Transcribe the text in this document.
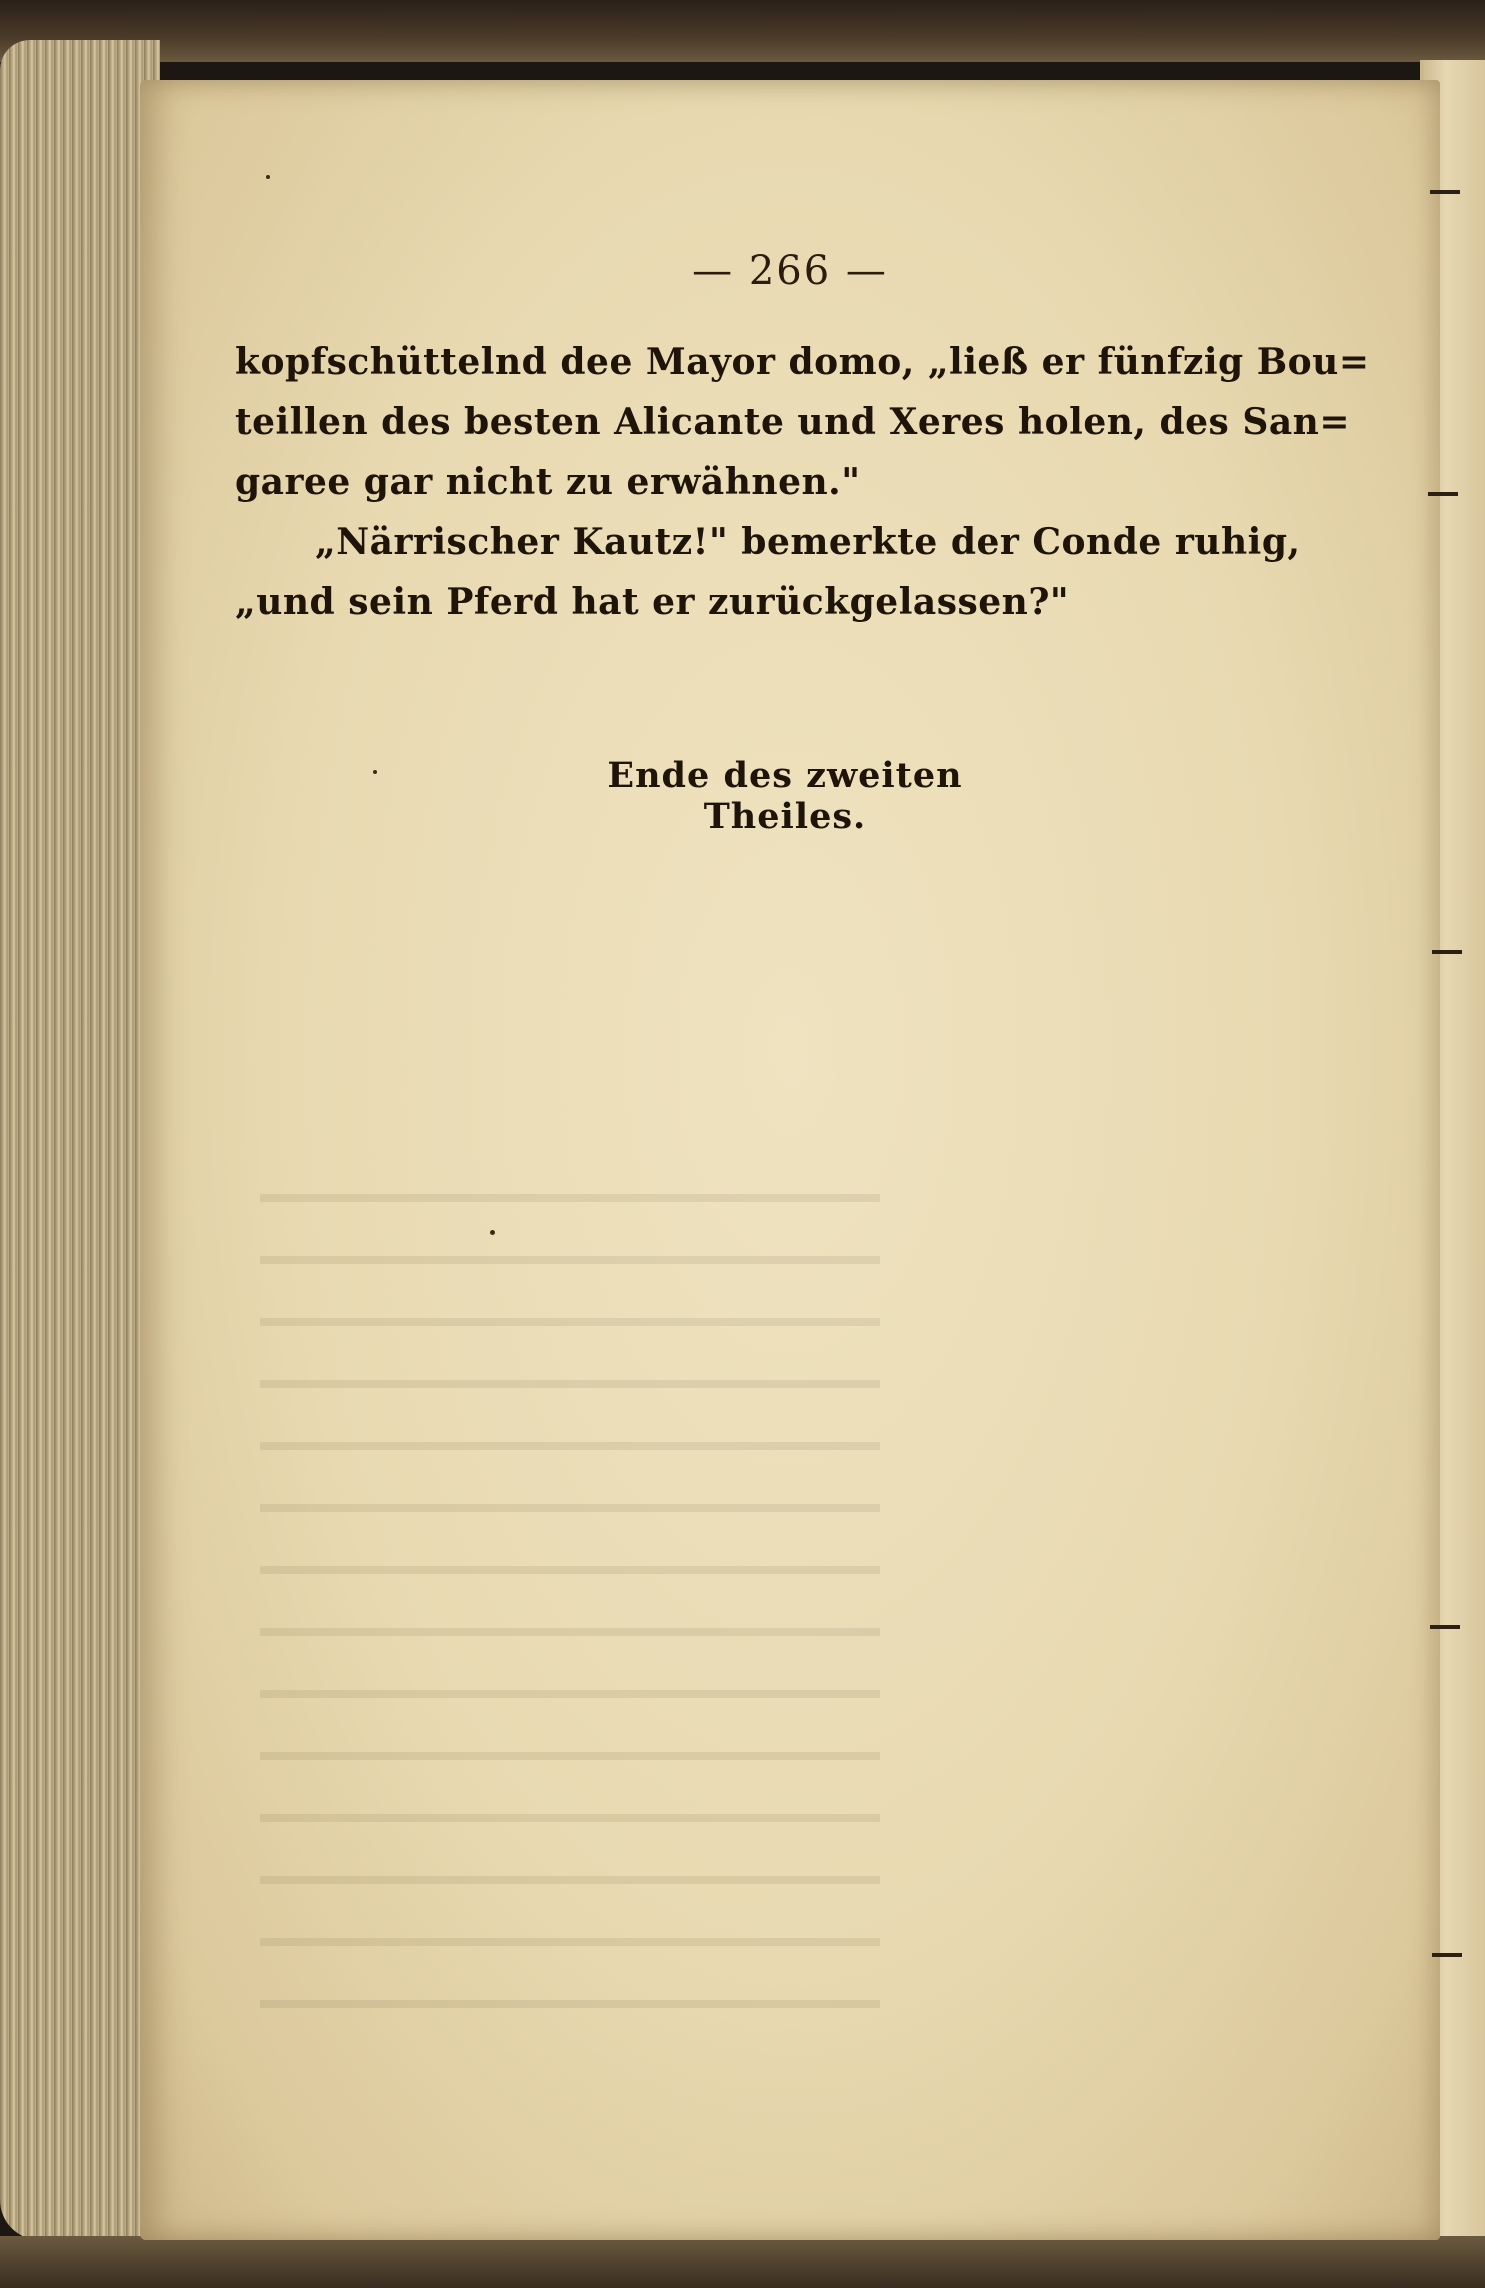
— 266 —
kopfschüttelnd dee Mayor domo, „ließ er fünfzig Bou=
teillen des besten Alicante und Xeres holen, des San=
garee gar nicht zu erwähnen."
„Närrischer Kautz!" bemerkte der Conde ruhig,
„und sein Pferd hat er zurückgelassen?"
Ende des zweiten Theiles.
